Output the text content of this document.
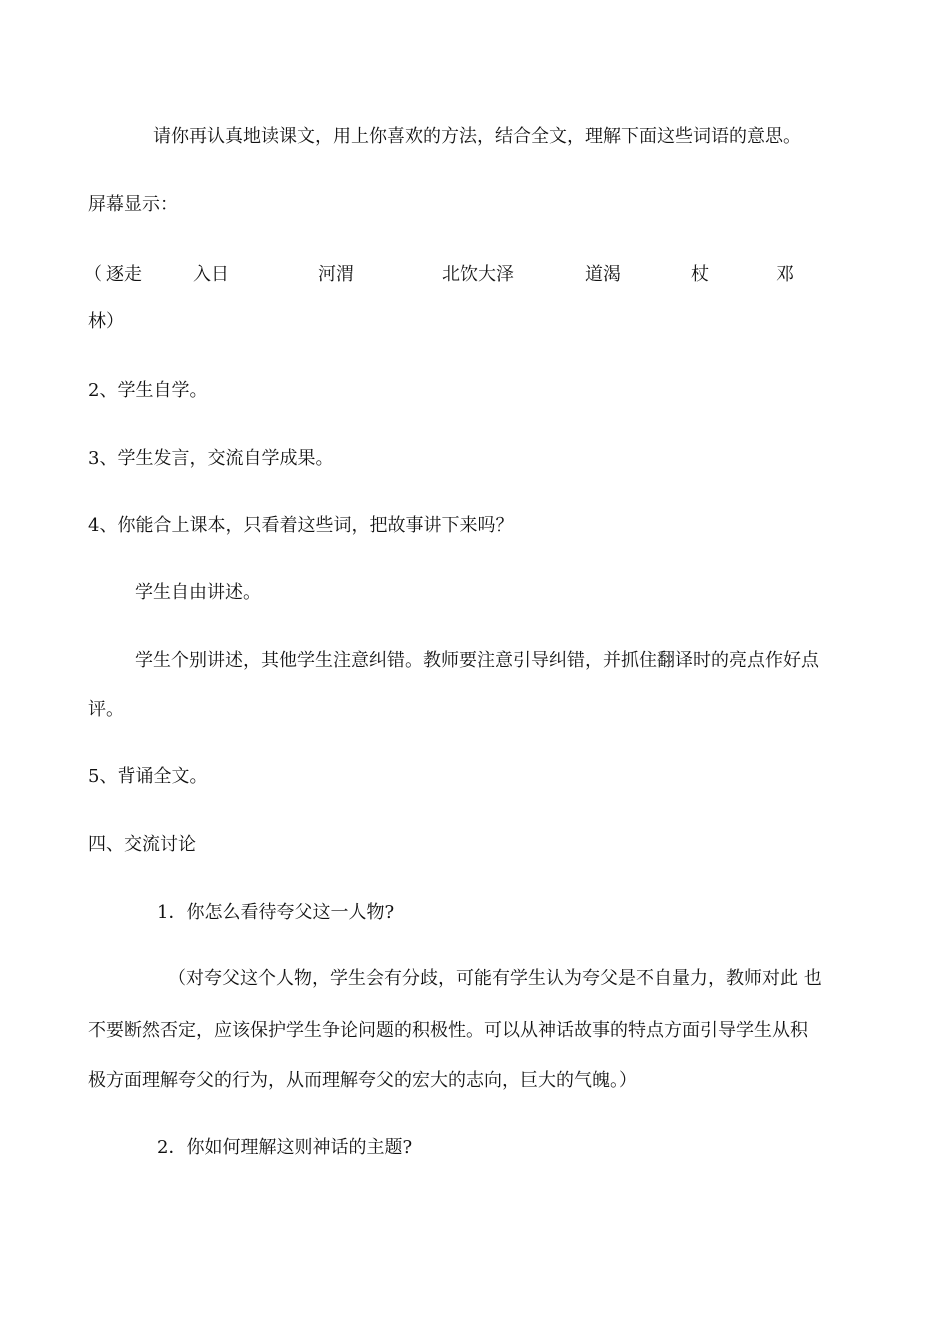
请你再认真地读课文，用上你喜欢的方法，结合全文，理解下面这些词语的意思。
屏幕显示：
（ 逐走	入日	河渭	北饮大泽	道渴	杖	邓
林）
2、学生自学。
3、学生发言，交流自学成果。
4、你能合上课本，只看着这些词，把故事讲下来吗？
学生自由讲述。
学生个别讲述，其他学生注意纠错。教师要注意引导纠错，并抓住翻译时的亮点作好点
评。
5、背诵全文。
四、交流讨论
1．你怎么看待夸父这一人物?
（对夸父这个人物，学生会有分歧，可能有学生认为夸父是不自量力，教师对此 也
不要断然否定，应该保护学生争论问题的积极性。可以从神话故事的特点方面引导学生从积
极方面理解夸父的行为，从而理解夸父的宏大的志向，巨大的气魄。）
2．你如何理解这则神话的主题?
